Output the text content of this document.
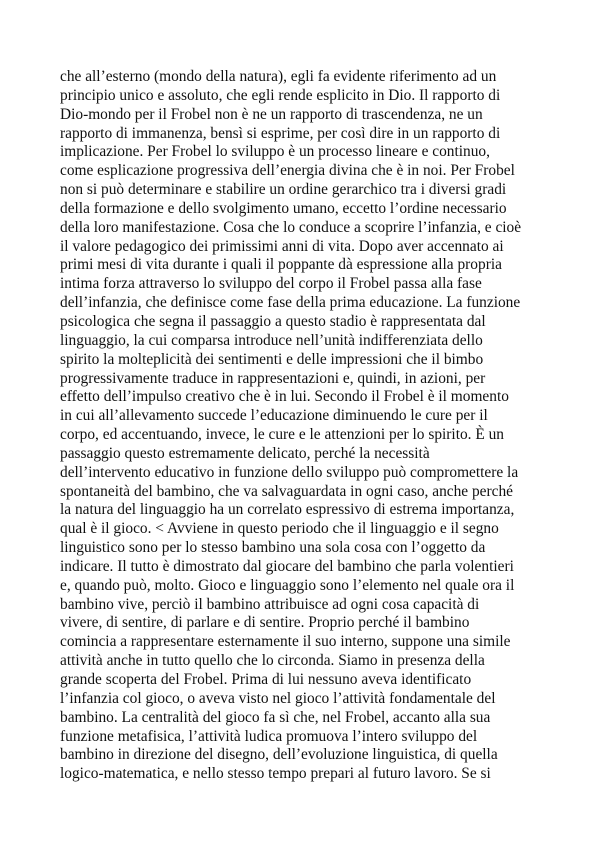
che all’esterno (mondo della natura), egli fa evidente riferimento ad un
principio unico e assoluto, che egli rende esplicito in Dio. Il rapporto di
Dio-mondo per il Frobel non è ne un rapporto di trascendenza, ne un
rapporto di immanenza, bensì si esprime, per così dire in un rapporto di
implicazione. Per Frobel lo sviluppo è un processo lineare e continuo,
come esplicazione progressiva dell’energia divina che è in noi. Per Frobel
non si può determinare e stabilire un ordine gerarchico tra i diversi gradi
della formazione e dello svolgimento umano, eccetto l’ordine necessario
della loro manifestazione. Cosa che lo conduce a scoprire l’infanzia, e cioè
il valore pedagogico dei primissimi anni di vita. Dopo aver accennato ai
primi mesi di vita durante i quali il poppante dà espressione alla propria
intima forza attraverso lo sviluppo del corpo il Frobel passa alla fase
dell’infanzia, che definisce come fase della prima educazione. La funzione
psicologica che segna il passaggio a questo stadio è rappresentata dal
linguaggio, la cui comparsa introduce nell’unità indifferenziata dello
spirito la molteplicità dei sentimenti e delle impressioni che il bimbo
progressivamente traduce in rappresentazioni e, quindi, in azioni, per
effetto dell’impulso creativo che è in lui. Secondo il Frobel è il momento
in cui all’allevamento succede l’educazione diminuendo le cure per il
corpo, ed accentuando, invece, le cure e le attenzioni per lo spirito. È un
passaggio questo estremamente delicato, perché la necessità
dell’intervento educativo in funzione dello sviluppo può compromettere la
spontaneità del bambino, che va salvaguardata in ogni caso, anche perché
la natura del linguaggio ha un correlato espressivo di estrema importanza,
qual è il gioco. < Avviene in questo periodo che il linguaggio e il segno
linguistico sono per lo stesso bambino una sola cosa con l’oggetto da
indicare. Il tutto è dimostrato dal giocare del bambino che parla volentieri
e, quando può, molto. Gioco e linguaggio sono l’elemento nel quale ora il
bambino vive, perciò il bambino attribuisce ad ogni cosa capacità di
vivere, di sentire, di parlare e di sentire. Proprio perché il bambino
comincia a rappresentare esternamente il suo interno, suppone una simile
attività anche in tutto quello che lo circonda. Siamo in presenza della
grande scoperta del Frobel. Prima di lui nessuno aveva identificato
l’infanzia col gioco, o aveva visto nel gioco l’attività fondamentale del
bambino. La centralità del gioco fa sì che, nel Frobel, accanto alla sua
funzione metafisica, l’attività ludica promuova l’intero sviluppo del
bambino in direzione del disegno, dell’evoluzione linguistica, di quella
logico-matematica, e nello stesso tempo prepari al futuro lavoro. Se si
